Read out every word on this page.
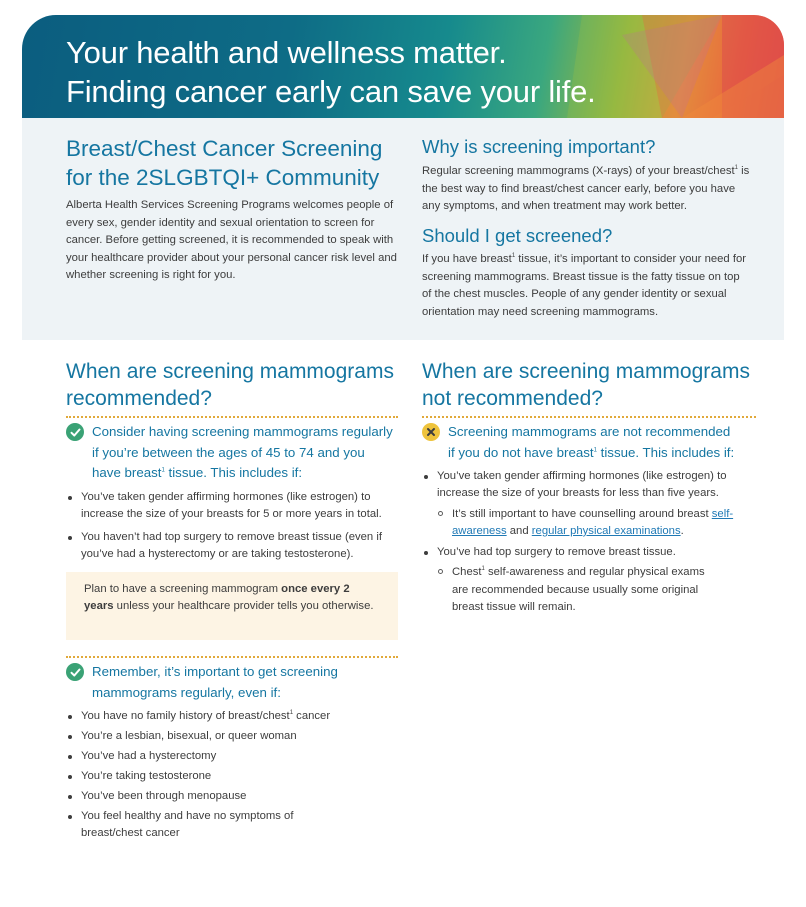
Your health and wellness matter.
Finding cancer early can save your life.
Breast/Chest Cancer Screening
for the 2SLGBTQI+ Community

Alberta Health Services Screening Programs welcomes people of every sex, gender identity and sexual orientation to screen for cancer. Before getting screened, it is recommended to speak with your healthcare provider about your personal cancer risk level and whether screening is right for you.

Why is screening important?

Regular screening mammograms (X-rays) of your breast/chest$^1$ is the best way to find breast/chest cancer early, before you have any symptoms, and when treatment may work better.

Should I get screened?

If you have breast$^1$ tissue, it’s important to consider your need for screening mammograms. Breast tissue is the fatty tissue on top of the chest muscles. People of any gender identity or sexual orientation may need screening mammograms.

When are screening mammograms
recommended?
Consider having screening mammograms regularly if you’re between the ages of 45 to 74 and you have breast$^1$ tissue. This includes if:
You’ve taken gender affirming hormones (like estrogen) to increase the size of your breasts for 5 or more years in total.
You haven’t had top surgery to remove breast tissue (even if you’ve had a hysterectomy or are taking testosterone).
Plan to have a screening mammogram once every 2 years unless your healthcare provider tells you otherwise.
Remember, it’s important to get screening
mammograms regularly, even if:
You have no family history of breast/chest$^1$ cancer
You’re a lesbian, bisexual, or queer woman
You’ve had a hysterectomy
You’re taking testosterone
You’ve been through menopause
You feel healthy and have no symptoms of breast/chest cancer
When are screening mammograms
not recommended?
Screening mammograms are not recommended
if you do not have breast$^1$ tissue. This includes if:
You’ve taken gender affirming hormones (like estrogen) to increase the size of your breasts for less than five years.
It’s still important to have counselling around breast self-awareness and regular physical examinations.
You’ve had top surgery to remove breast tissue.
Chest$^1$ self-awareness and regular physical exams are recommended because usually some original breast tissue will remain.
